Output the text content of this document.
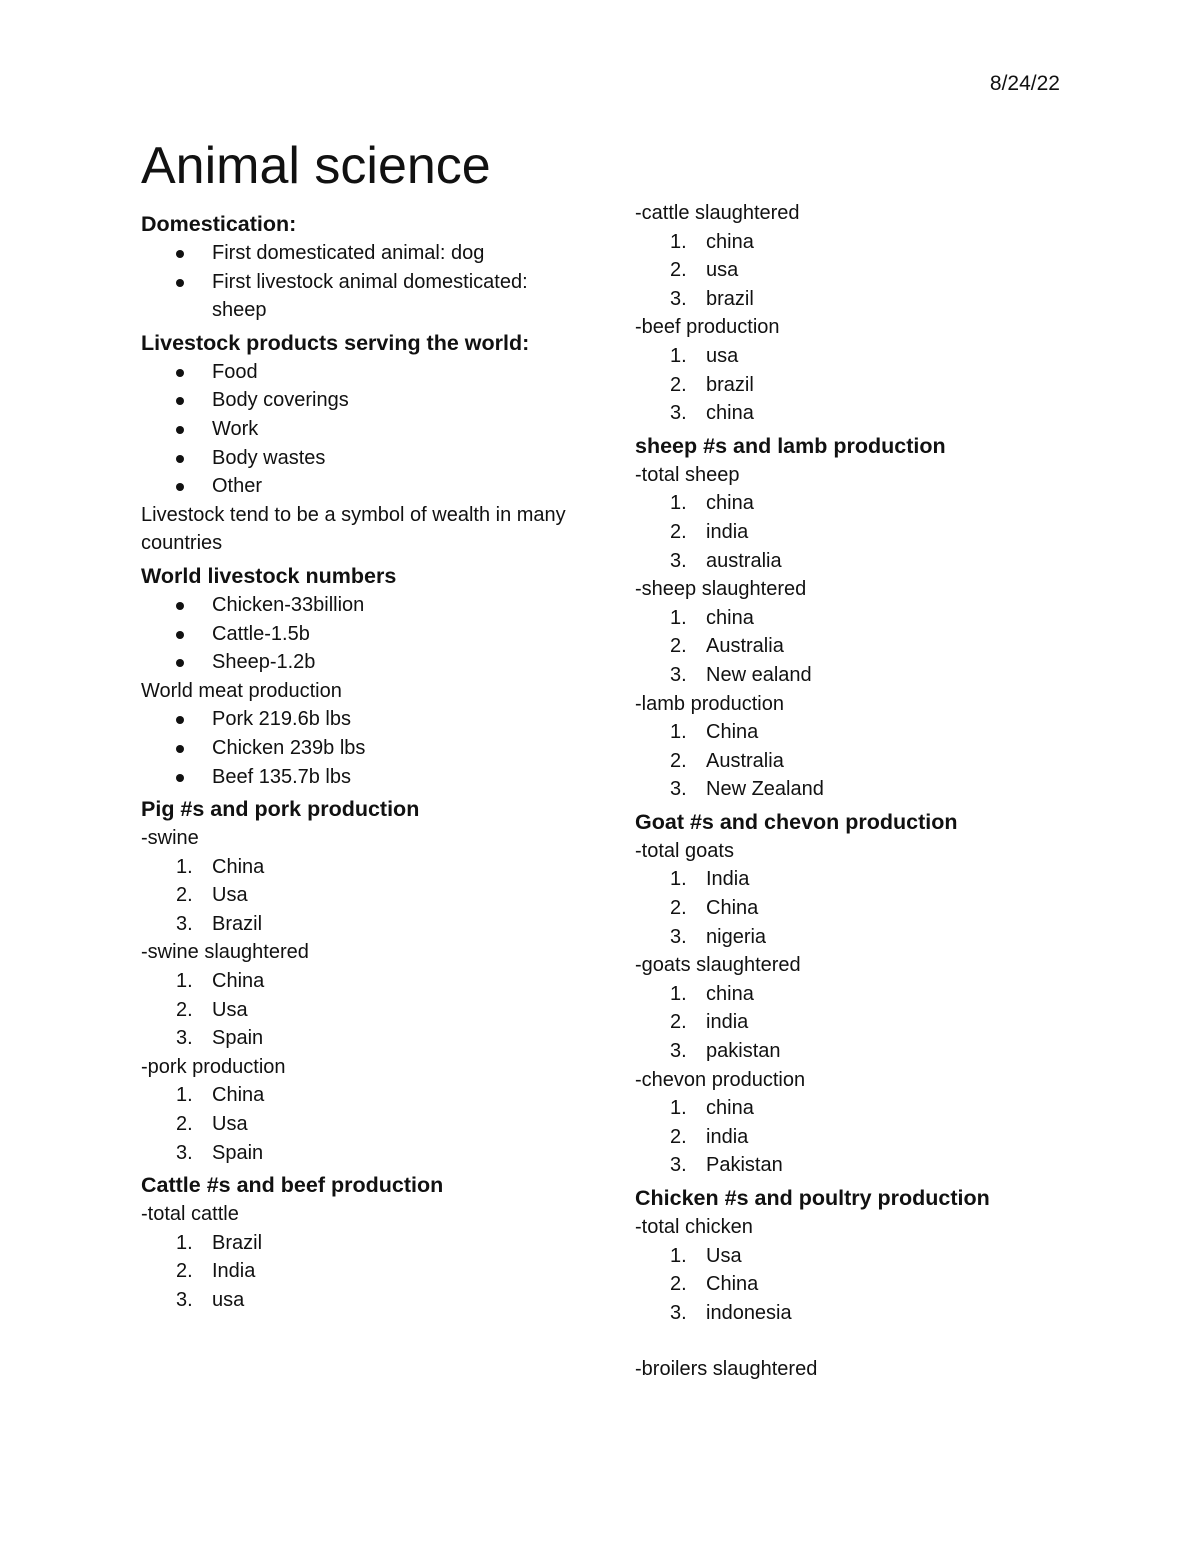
8/24/22
Animal science
Domestication:
First domesticated animal: dog
First livestock animal domesticated: sheep
Livestock products serving the world:
Food
Body coverings
Work
Body wastes
Other

Livestock tend to be a symbol of wealth in many countries

World livestock numbers
Chicken-33billion
Cattle-1.5b
Sheep-1.2b

World meat production

Pork 219.6b lbs
Chicken 239b lbs
Beef 135.7b lbs
Pig #s and pork production

-swine

1. China
2. Usa
3. Brazil

-swine slaughtered

1. China
2. Usa
3. Spain

-pork production

1. China
2. Usa
3. Spain
Cattle #s and beef production

-total cattle

1. Brazil
2. India
3. usa

-cattle slaughtered

1. china
2. usa
3. brazil

-beef production

1. usa
2. brazil
3. china
sheep #s and lamb production

-total sheep

1. china
2. india
3. australia

-sheep slaughtered

1. china
2. Australia
3. New ealand

-lamb production

1. China
2. Australia
3. New Zealand
Goat #s and chevon production

-total goats

1. India
2. China
3. nigeria

-goats slaughtered

1. china
2. india
3. pakistan

-chevon production

1. china
2. india
3. Pakistan
Chicken #s and poultry production

-total chicken

1. Usa
2. China
3. indonesia

-broilers slaughtered
